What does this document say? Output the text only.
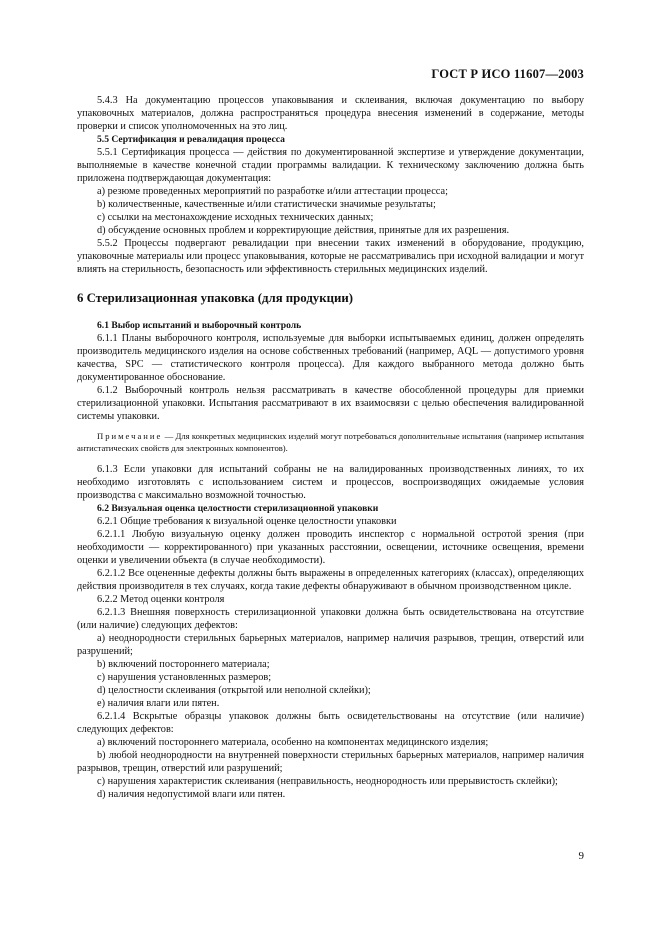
ГОСТ Р ИСО 11607—2003

5.4.3 На документацию процессов упаковывания и склеивания, включая документацию по выбору упаковочных материалов, должна распространяться процедура внесения изменений в содержание, методы проверки и список уполномоченных на это лиц.

5.5 Сертификация и ревалидация процесса

5.5.1 Сертификация процесса — действия по документированной экспертизе и утверждение документации, выполняемые в качестве конечной стадии программы валидации. К техническому заключению должна быть приложена подтверждающая документация:

a) резюме проведенных мероприятий по разработке и/или аттестации процесса;

b) количественные, качественные и/или статистически значимые результаты;

c) ссылки на местонахождение исходных технических данных;

d) обсуждение основных проблем и корректирующие действия, принятые для их разрешения.

5.5.2 Процессы подвергают ревалидации при внесении таких изменений в оборудование, продукцию, упаковочные материалы или процесс упаковывания, которые не рассматривались при исходной валидации и могут влиять на стерильность, безопасность или эффективность стерильных медицинских изделий.

6 Стерилизационная упаковка (для продукции)

6.1 Выбор испытаний и выборочный контроль

6.1.1 Планы выборочного контроля, используемые для выборки испытываемых единиц, должен определять производитель медицинского изделия на основе собственных требований (например, AQL — допустимого уровня качества, SPC — статистического контроля процесса). Для каждого выбранного метода должно быть документированное обоснование.

6.1.2 Выборочный контроль нельзя рассматривать в качестве обособленной процедуры для приемки стерилизационной упаковки. Испытания рассматривают в их взаимосвязи с целью обеспечения валидированной системы упаковки.

Примечание — Для конкретных медицинских изделий могут потребоваться дополнительные испытания (например испытания антистатических свойств для электронных компонентов).

6.1.3 Если упаковки для испытаний собраны не на валидированных производственных линиях, то их необходимо изготовлять с использованием систем и процессов, воспроизводящих ожидаемые условия производства с максимально возможной точностью.

6.2 Визуальная оценка целостности стерилизационной упаковки

6.2.1 Общие требования к визуальной оценке целостности упаковки

6.2.1.1 Любую визуальную оценку должен проводить инспектор с нормальной остротой зрения (при необходимости — корректированного) при указанных расстоянии, освещении, источнике освещения, времени оценки и увеличении объекта (в случае необходимости).

6.2.1.2 Все оцененные дефекты должны быть выражены в определенных категориях (классах), определяющих действия производителя в тех случаях, когда такие дефекты обнаруживают в обычном производственном цикле.

6.2.2 Метод оценки контроля

6.2.1.3 Внешняя поверхность стерилизационной упаковки должна быть освидетельствована на отсутствие (или наличие) следующих дефектов:

a) неоднородности стерильных барьерных материалов, например наличия разрывов, трещин, отверстий или разрушений;

b) включений постороннего материала;

c) нарушения установленных размеров;

d) целостности склеивания (открытой или неполной склейки);

e) наличия влаги или пятен.

6.2.1.4 Вскрытые образцы упаковок должны быть освидетельствованы на отсутствие (или наличие) следующих дефектов:

a) включений постороннего материала, особенно на компонентах медицинского изделия;

b) любой неоднородности на внутренней поверхности стерильных барьерных материалов, например наличия разрывов, трещин, отверстий или разрушений;

c) нарушения характеристик склеивания (неправильность, неоднородность или прерывистость склейки);

d) наличия недопустимой влаги или пятен.

9
